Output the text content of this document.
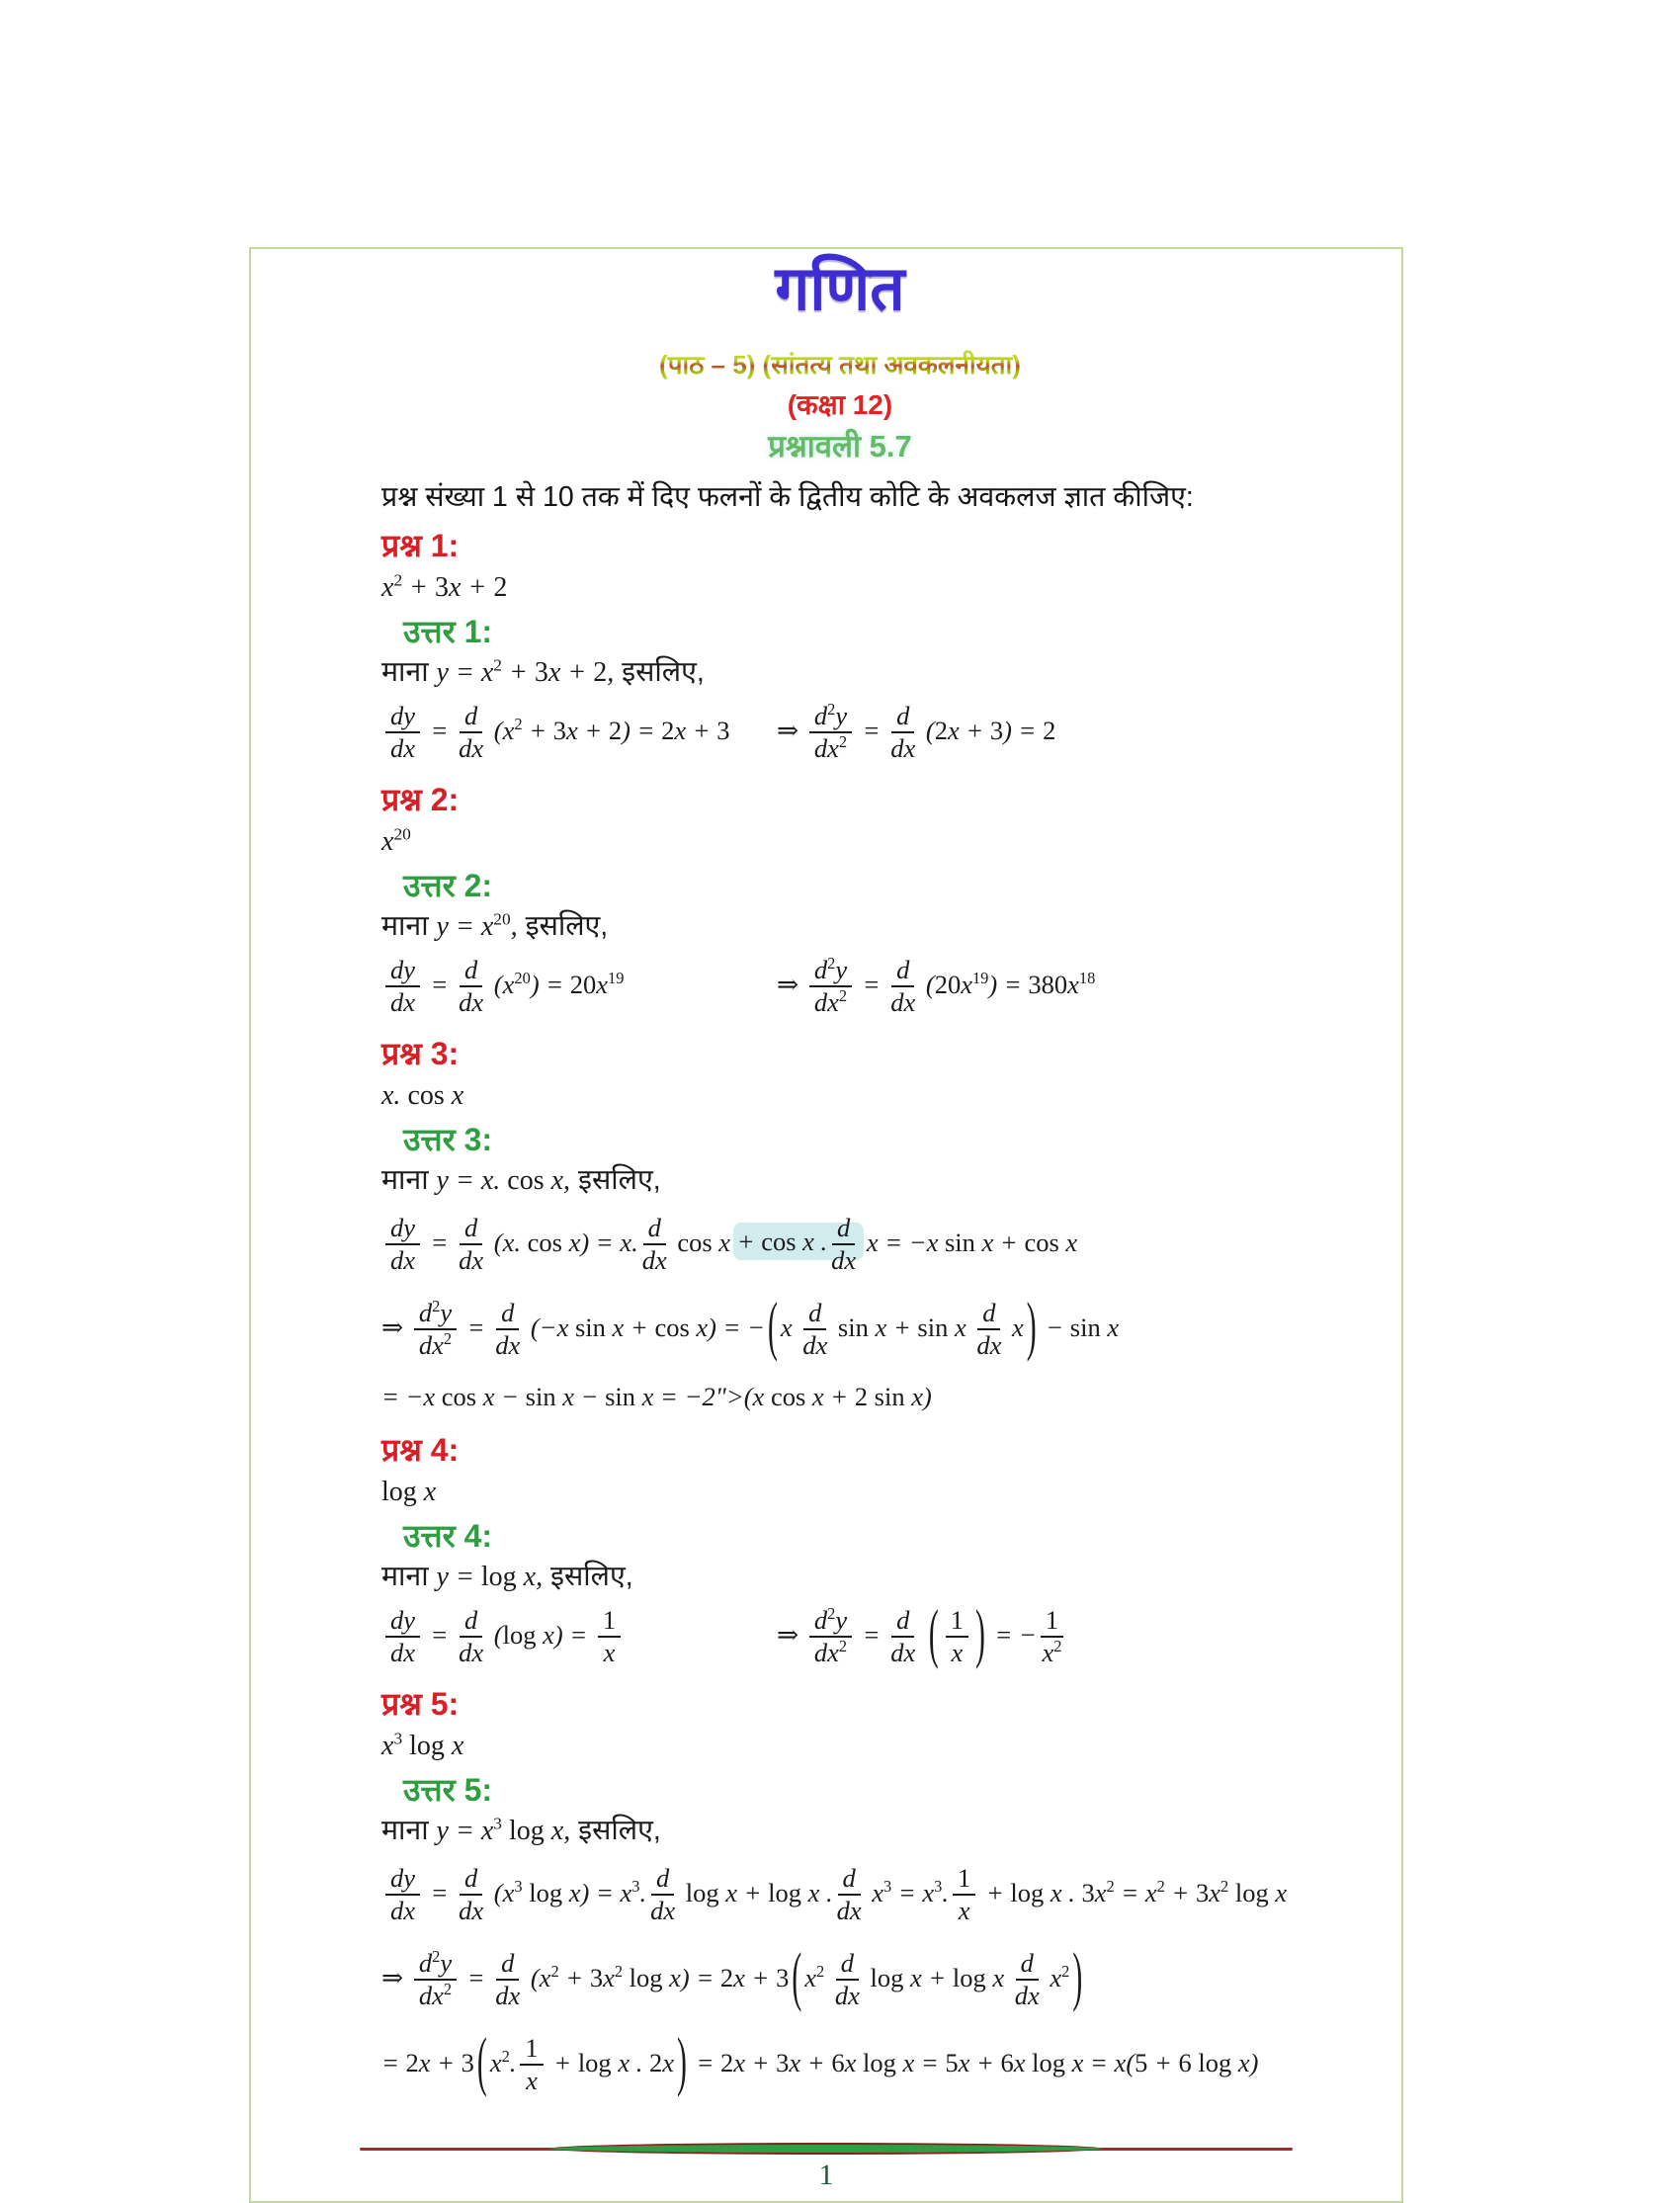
गणित
(पाठ – 5) (सांतत्य तथा अवकलनीयता)
(कक्षा 12)
प्रश्नावली 5.7
प्रश्न संख्या 1 से 10 तक में दिए फलनों के द्वितीय कोटि के अवकलज ज्ञात कीजिए:
प्रश्न 1:
$x^2 + 3x + 2$
उत्तर 1:
माना $y = x^2 + 3x + 2$, इसलिए,
$\frac{dy}{dx} = \frac{d}{dx} (x^2 + 3x + 2) = 2x + 3$	⇒ $\frac{d^2y}{dx^2} = \frac{d}{dx} (2x + 3) = 2$
प्रश्न 2:
$x^{20}$
उत्तर 2:
माना $y = x^{20}$, इसलिए,
$\frac{dy}{dx} = \frac{d}{dx} (x^{20}) = 20x^{19}$	⇒ $\frac{d^2y}{dx^2} = \frac{d}{dx} (20x^{19}) = 380x^{18}$
प्रश्न 3:
x. cos x
उत्तर 3:
माना y = x. cos x, इसलिए,
$\frac{dy}{dx} = \frac{d}{dx} (x$. cos x) = x. $\frac{d}{dx}$ cos x + cos x . $\frac{d}{dx}$ x = −x sin x + cos x
⇒ $\frac{d^2y}{dx^2} = \frac{d}{dx} (-x$ sin x + cos x) = − ( x $\frac{d}{dx}$ sin x + sin x $\frac{d}{dx}$ x ) − sin x
= −x cos x − sin x − sin x = −2">(x cos x + 2 sin x)
प्रश्न 4:
log x
उत्तर 4:
माना y = log x, इसलिए,
$\frac{dy}{dx} = \frac{d}{dx} (\log$ $x) = \frac{1}{x}$	⇒ $\frac{d^2y}{dx^2} = \frac{d}{dx}$ ( $\frac{1}{x}$ ) = − $\frac{1}{x^2}$
प्रश्न 5:
$x^3$ log x
उत्तर 5:
माना $y = x^3$ log x, इसलिए,
$\frac{dy}{dx} = \frac{d}{dx} (x^3$ $\log x) = x^3$. $\frac{d}{dx}$ log x + log x . $\frac{d}{dx} x^3 = x^3$. $\frac{1}{x} + \log x$ . $3x^2 = x^2 + 3x^2$ log x
⇒ $\frac{d^2y}{dx^2} = \frac{d}{dx} (x^2 + 3x^2$ log x) = 2x + 3 ( $x^2 \frac{d}{dx}$ log x + log x $\frac{d}{dx} x^2$ )
= 2x + 3 ( $x^2$. $\frac{1}{x} + \log x$ . 2x ) = 2x + 3x + 6x log x = 5x + 6x log x = x(5 + 6 log x)
1
